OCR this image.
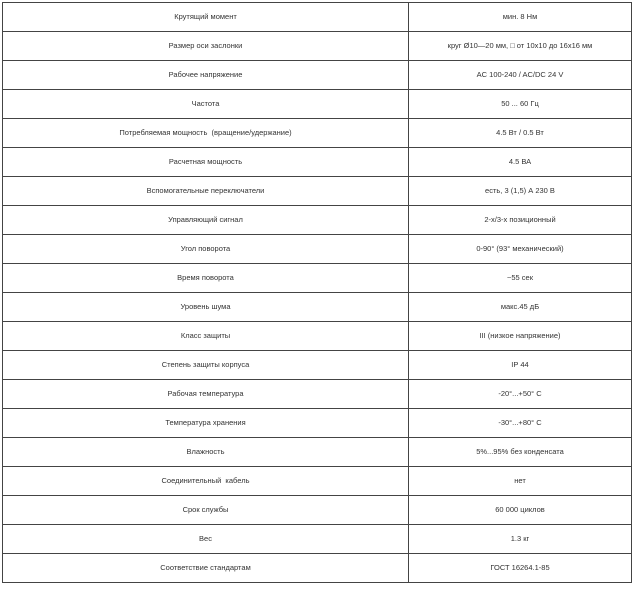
Крутящий момент	мин. 8 Нм
Размер оси заслонки	круг Ø10—20 мм, □ от 10x10 до 16x16 мм
Рабочее напряжение	AC 100-240 / AC/DC 24 V
Частота	50 ... 60 Гц
Потребляемая мощность  (вращение/удержание)	4.5 Вт / 0.5 Вт
Расчетная мощность	4.5 ВА
Вспомогательные переключатели	есть, 3 (1,5) А 230 В
Управляющий сигнал	2-х/3-х позиционный
Угол поворота	0-90° (93° механический)
Время поворота	~55 сек
Уровень шума	макс.45 дБ
Класс защиты	III (низкое напряжение)
Степень защиты корпуса	IP 44
Рабочая температура	-20°...+50° С
Температура хранения	-30°...+80° С
Влажность	5%...95% без конденсата
Соединительный  кабель	нет
Срок службы	60 000 циклов
Вес	1.3 кг
Соответствие стандартам	ГОСТ 16264.1-85
